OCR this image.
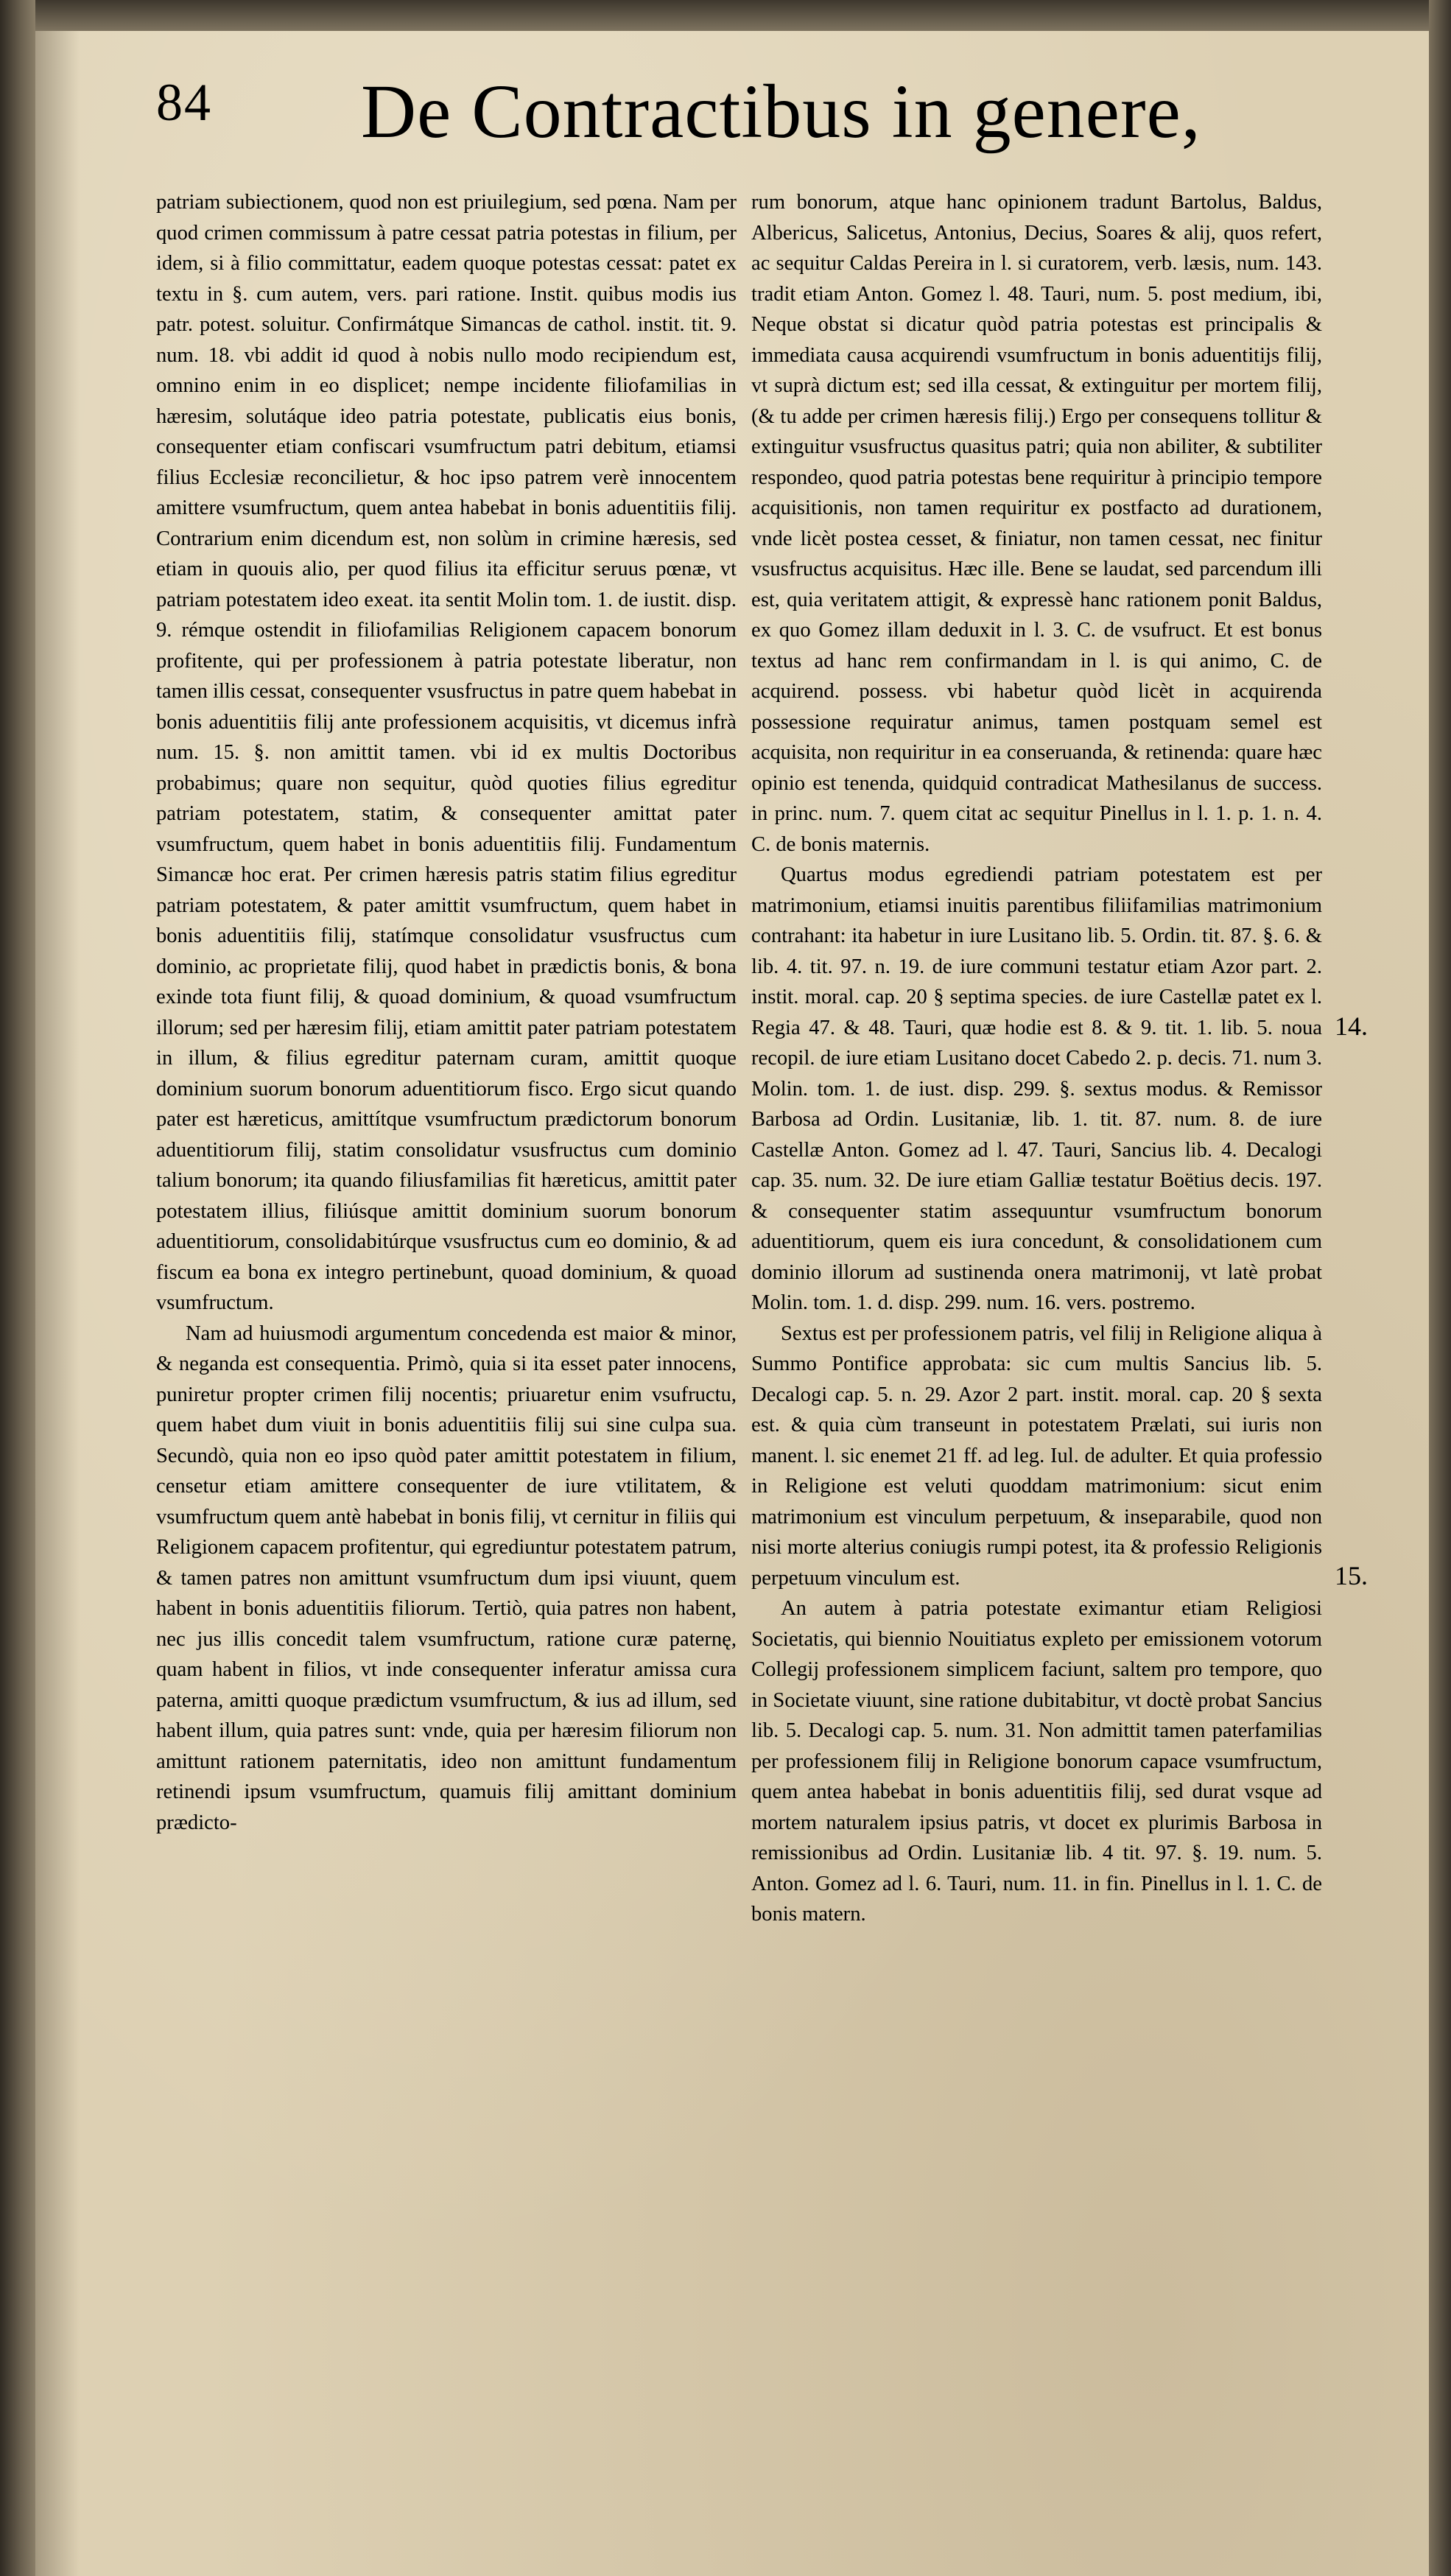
84 De Contractibus in genere,

patriam subiectionem, quod non est priuilegium, sed pœna. Nam per quod crimen commissum à patre cessat patria potestas in filium, per idem, si à filio committatur, eadem quoque potestas cessat: patet ex textu in §. cum autem, vers. pari ratione. Instit. quibus modis ius patr. potest. soluitur. Confirmátque Simancas de cathol. instit. tit. 9. num. 18. vbi addit id quod à nobis nullo modo recipiendum est, omnino enim in eo displicet; nempe incidente filiofamilias in hæresim, solutáque ideo patria potestate, publicatis eius bonis, consequenter etiam confiscari vsumfructum patri debitum, etiamsi filius Ecclesiæ reconcilietur, & hoc ipso patrem verè innocentem amittere vsumfructum, quem antea habebat in bonis aduentitiis filij. Contrarium enim dicendum est, non solùm in crimine hæresis, sed etiam in quouis alio, per quod filius ita efficitur seruus pœnæ, vt patriam potestatem ideo exeat. ita sentit Molin tom. 1. de iustit. disp. 9. rémque ostendit in filiofamilias Religionem capacem bonorum profitente, qui per professionem à patria potestate liberatur, non tamen illis cessat, consequenter vsusfructus in patre quem habebat in bonis aduentitiis filij ante professionem acquisitis, vt dicemus infrà num. 15. §. non amittit tamen. vbi id ex multis Doctoribus probabimus; quare non sequitur, quòd quoties filius egreditur patriam potestatem, statim, & consequenter amittat pater vsumfructum, quem habet in bonis aduentitiis filij. Fundamentum Simancæ hoc erat. Per crimen hæresis patris statim filius egreditur patriam potestatem, & pater amittit vsumfructum, quem habet in bonis aduentitiis filij, statímque consolidatur vsusfructus cum dominio, ac proprietate filij, quod habet in prædictis bonis, & bona exinde tota fiunt filij, & quoad dominium, & quoad vsumfructum illorum; sed per hæresim filij, etiam amittit pater patriam potestatem in illum, & filius egreditur paternam curam, amittit quoque dominium suorum bonorum aduentitiorum fisco. Ergo sicut quando pater est hæreticus, amittítque vsumfructum prædictorum bonorum aduentitiorum filij, statim consolidatur vsusfructus cum dominio talium bonorum; ita quando filiusfamilias fit hæreticus, amittit pater potestatem illius, filiúsque amittit dominium suorum bonorum aduentitiorum, consolidabitúrque vsusfructus cum eo dominio, & ad fiscum ea bona ex integro pertinebunt, quoad dominium, & quoad vsumfructum.

Nam ad huiusmodi argumentum concedenda est maior & minor, & neganda est consequentia. Primò, quia si ita esset pater innocens, puniretur propter crimen filij nocentis; priuaretur enim vsufructu, quem habet dum viuit in bonis aduentitiis filij sui sine culpa sua. Secundò, quia non eo ipso quòd pater amittit potestatem in filium, censetur etiam amittere consequenter de iure vtilitatem, & vsumfructum quem antè habebat in bonis filij, vt cernitur in filiis qui Religionem capacem profitentur, qui egrediuntur potestatem patrum, & tamen patres non amittunt vsumfructum dum ipsi viuunt, quem habent in bonis aduentitiis filiorum. Tertiò, quia patres non habent, nec jus illis concedit talem vsumfructum, ratione curæ paternę, quam habent in filios, vt inde consequenter inferatur amissa cura paterna, amitti quoque prædictum vsumfructum, & ius ad illum, sed habent illum, quia patres sunt: vnde, quia per hæresim filiorum non amittunt rationem paternitatis, ideo non amittunt fundamentum retinendi ipsum vsumfructum, quamuis filij amittant dominium prædicto-

rum bonorum, atque hanc opinionem tradunt Bartolus, Baldus, Albericus, Salicetus, Antonius, Decius, Soares & alij, quos refert, ac sequitur Caldas Pereira in l. si curatorem, verb. læsis, num. 143. tradit etiam Anton. Gomez l. 48. Tauri, num. 5. post medium, ibi, Neque obstat si dicatur quòd patria potestas est principalis & immediata causa acquirendi vsumfructum in bonis aduentitijs filij, vt suprà dictum est; sed illa cessat, & extinguitur per mortem filij, (& tu adde per crimen hæresis filij.) Ergo per consequens tollitur & extinguitur vsusfructus quasitus patri; quia non abiliter, & subtiliter respondeo, quod patria potestas bene requiritur à principio tempore acquisitionis, non tamen requiritur ex postfacto ad durationem, vnde licèt postea cesset, & finiatur, non tamen cessat, nec finitur vsusfructus acquisitus. Hæc ille. Bene se laudat, sed parcendum illi est, quia veritatem attigit, & expressè hanc rationem ponit Baldus, ex quo Gomez illam deduxit in l. 3. C. de vsufruct. Et est bonus textus ad hanc rem confirmandam in l. is qui animo, C. de acquirend. possess. vbi habetur quòd licèt in acquirenda possessione requiratur animus, tamen postquam semel est acquisita, non requiritur in ea conseruanda, & retinenda: quare hæc opinio est tenenda, quidquid contradicat Mathesilanus de success. in princ. num. 7. quem citat ac sequitur Pinellus in l. 1. p. 1. n. 4. C. de bonis maternis.

Quartus modus egrediendi patriam potestatem est per matrimonium, etiamsi inuitis parentibus filiifamilias matrimonium contrahant: ita habetur in iure Lusitano lib. 5. Ordin. tit. 87. §. 6. & lib. 4. tit. 97. n. 19. de iure communi testatur etiam Azor part. 2. instit. moral. cap. 20 § septima species. de iure Castellæ patet ex l. Regia 47. & 48. Tauri, quæ hodie est 8. & 9. tit. 1. lib. 5. noua recopil. de iure etiam Lusitano docet Cabedo 2. p. decis. 71. num 3. Molin. tom. 1. de iust. disp. 299. §. sextus modus. & Remissor Barbosa ad Ordin. Lusitaniæ, lib. 1. tit. 87. num. 8. de iure Castellæ Anton. Gomez ad l. 47. Tauri, Sancius lib. 4. Decalogi cap. 35. num. 32. De iure etiam Galliæ testatur Boëtius decis. 197. & consequenter statim assequuntur vsumfructum bonorum aduentitiorum, quem eis iura concedunt, & consolidationem cum dominio illorum ad sustinenda onera matrimonij, vt latè probat Molin. tom. 1. d. disp. 299. num. 16. vers. postremo.

Sextus est per professionem patris, vel filij in Religione aliqua à Summo Pontifice approbata: sic cum multis Sancius lib. 5. Decalogi cap. 5. n. 29. Azor 2 part. instit. moral. cap. 20 § sexta est. & quia cùm transeunt in potestatem Prælati, sui iuris non manent. l. sic enemet 21 ff. ad leg. Iul. de adulter. Et quia professio in Religione est veluti quoddam matrimonium: sicut enim matrimonium est vinculum perpetuum, & inseparabile, quod non nisi morte alterius coniugis rumpi potest, ita & professio Religionis perpetuum vinculum est.

An autem à patria potestate eximantur etiam Religiosi Societatis, qui biennio Nouitiatus expleto per emissionem votorum Collegij professionem simplicem faciunt, saltem pro tempore, quo in Societate viuunt, sine ratione dubitabitur, vt doctè probat Sancius lib. 5. Decalogi cap. 5. num. 31. Non admittit tamen paterfamilias per professionem filij in Religione bonorum capace vsumfructum, quem antea habebat in bonis aduentitiis filij, sed durat vsque ad mortem naturalem ipsius patris, vt docet ex plurimis Barbosa in remissionibus ad Ordin. Lusitaniæ lib. 4 tit. 97. §. 19. num. 5. Anton. Gomez ad l. 6. Tauri, num. 11. in fin. Pinellus in l. 1. C. de bonis matern.

14.
15.
